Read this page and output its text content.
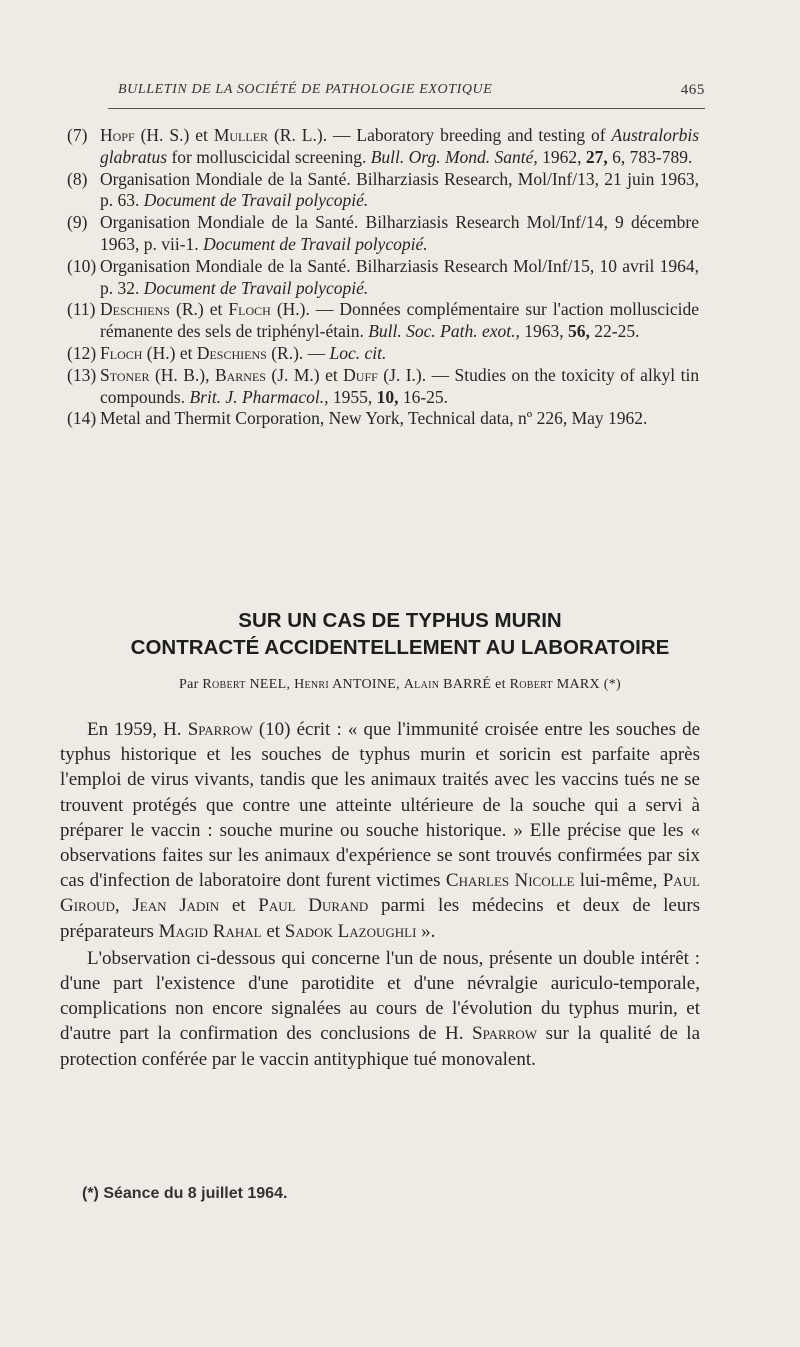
BULLETIN DE LA SOCIÉTÉ DE PATHOLOGIE EXOTIQUE	465
(7) Hopf (H. S.) et Muller (R. L.). — Laboratory breeding and testing of Australorbis glabratus for molluscicidal screening. Bull. Org. Mond. Santé, 1962, 27, 6, 783-789.
(8) Organisation Mondiale de la Santé. Bilharziasis Research, Mol/Inf/13, 21 juin 1963, p. 63. Document de Travail polycopié.
(9) Organisation Mondiale de la Santé. Bilharziasis Research Mol/Inf/14, 9 décembre 1963, p. vii-1. Document de Travail polycopié.
(10) Organisation Mondiale de la Santé. Bilharziasis Research Mol/Inf/15, 10 avril 1964, p. 32. Document de Travail polycopié.
(11) Deschiens (R.) et Floch (H.). — Données complémentaire sur l'action molluscicide rémanente des sels de triphényl-étain. Bull. Soc. Path. exot., 1963, 56, 22-25.
(12) Floch (H.) et Deschiens (R.). — Loc. cit.
(13) Stoner (H. B.), Barnes (J. M.) et Duff (J. I.). — Studies on the toxicity of alkyl tin compounds. Brit. J. Pharmacol., 1955, 10, 16-25.
(14) Metal and Thermit Corporation, New York, Technical data, nº 226, May 1962.
SUR UN CAS DE TYPHUS MURIN
CONTRACTÉ ACCIDENTELLEMENT AU LABORATOIRE
Par Robert NEEL, Henri ANTOINE, Alain BARRÉ et Robert MARX (*)

En 1959, H. Sparrow (10) écrit : « que l'immunité croisée entre les souches de typhus historique et les souches de typhus murin et soricin est parfaite après l'emploi de virus vivants, tandis que les animaux traités avec les vaccins tués ne se trouvent protégés que contre une atteinte ultérieure de la souche qui a servi à préparer le vaccin : souche murine ou souche historique. » Elle précise que les « observations faites sur les animaux d'expérience se sont trouvés confirmées par six cas d'infection de laboratoire dont furent victimes Charles Nicolle lui-même, Paul Giroud, Jean Jadin et Paul Durand parmi les médecins et deux de leurs préparateurs Magid Rahal et Sadok Lazoughli ».

L'observation ci-dessous qui concerne l'un de nous, présente un double intérêt : d'une part l'existence d'une parotidite et d'une névralgie auriculo-temporale, complications non encore signalées au cours de l'évolution du typhus murin, et d'autre part la confirmation des conclusions de H. Sparrow sur la qualité de la protection conférée par le vaccin antityphique tué monovalent.

(*) Séance du 8 juillet 1964.
